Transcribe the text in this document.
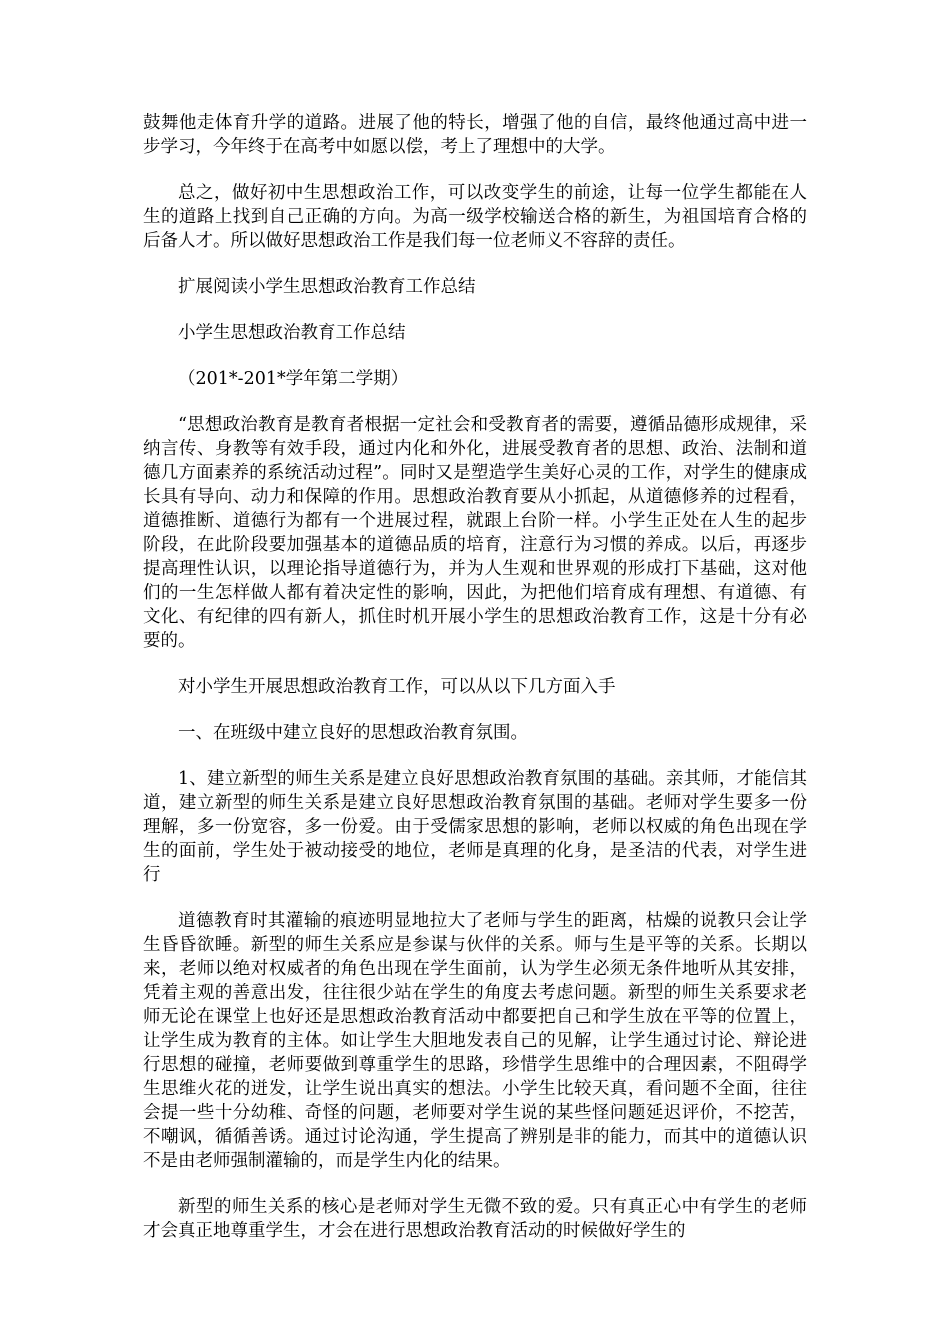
鼓舞他走体育升学的道路。进展了他的特长，增强了他的自信，最终他通过高中进一步学习，今年终于在高考中如愿以偿，考上了理想中的大学。

总之，做好初中生思想政治工作，可以改变学生的前途，让每一位学生都能在人生的道路上找到自己正确的方向。为高一级学校输送合格的新生，为祖国培育合格的后备人才。所以做好思想政治工作是我们每一位老师义不容辞的责任。

扩展阅读小学生思想政治教育工作总结

小学生思想政治教育工作总结

（201*-201*学年第二学期）

“思想政治教育是教育者根据一定社会和受教育者的需要，遵循品德形成规律，采纳言传、身教等有效手段，通过内化和外化，进展受教育者的思想、政治、法制和道德几方面素养的系统活动过程”。同时又是塑造学生美好心灵的工作，对学生的健康成长具有导向、动力和保障的作用。思想政治教育要从小抓起，从道德修养的过程看，道德推断、道德行为都有一个进展过程，就跟上台阶一样。小学生正处在人生的起步阶段，在此阶段要加强基本的道德品质的培育，注意行为习惯的养成。以后，再逐步提高理性认识，以理论指导道德行为，并为人生观和世界观的形成打下基础，这对他们的一生怎样做人都有着决定性的影响，因此，为把他们培育成有理想、有道德、有文化、有纪律的四有新人，抓住时机开展小学生的思想政治教育工作，这是十分有必要的。

对小学生开展思想政治教育工作，可以从以下几方面入手

一、在班级中建立良好的思想政治教育氛围。

1、建立新型的师生关系是建立良好思想政治教育氛围的基础。亲其师，才能信其道，建立新型的师生关系是建立良好思想政治教育氛围的基础。老师对学生要多一份理解，多一份宽容，多一份爱。由于受儒家思想的影响，老师以权威的角色出现在学生的面前，学生处于被动接受的地位，老师是真理的化身，是圣洁的代表，对学生进行

道德教育时其灌输的痕迹明显地拉大了老师与学生的距离，枯燥的说教只会让学生昏昏欲睡。新型的师生关系应是参谋与伙伴的关系。师与生是平等的关系。长期以来，老师以绝对权威者的角色出现在学生面前，认为学生必须无条件地听从其安排，凭着主观的善意出发，往往很少站在学生的角度去考虑问题。新型的师生关系要求老师无论在课堂上也好还是思想政治教育活动中都要把自己和学生放在平等的位置上，让学生成为教育的主体。如让学生大胆地发表自己的见解，让学生通过讨论、辩论进行思想的碰撞，老师要做到尊重学生的思路，珍惜学生思维中的合理因素，不阻碍学生思维火花的迸发，让学生说出真实的想法。小学生比较天真，看问题不全面，往往会提一些十分幼稚、奇怪的问题，老师要对学生说的某些怪问题延迟评价，不挖苦，不嘲讽，循循善诱。通过讨论沟通，学生提高了辨别是非的能力，而其中的道德认识不是由老师强制灌输的，而是学生内化的结果。

新型的师生关系的核心是老师对学生无微不致的爱。只有真正心中有学生的老师才会真正地尊重学生，才会在进行思想政治教育活动的时候做好学生的
